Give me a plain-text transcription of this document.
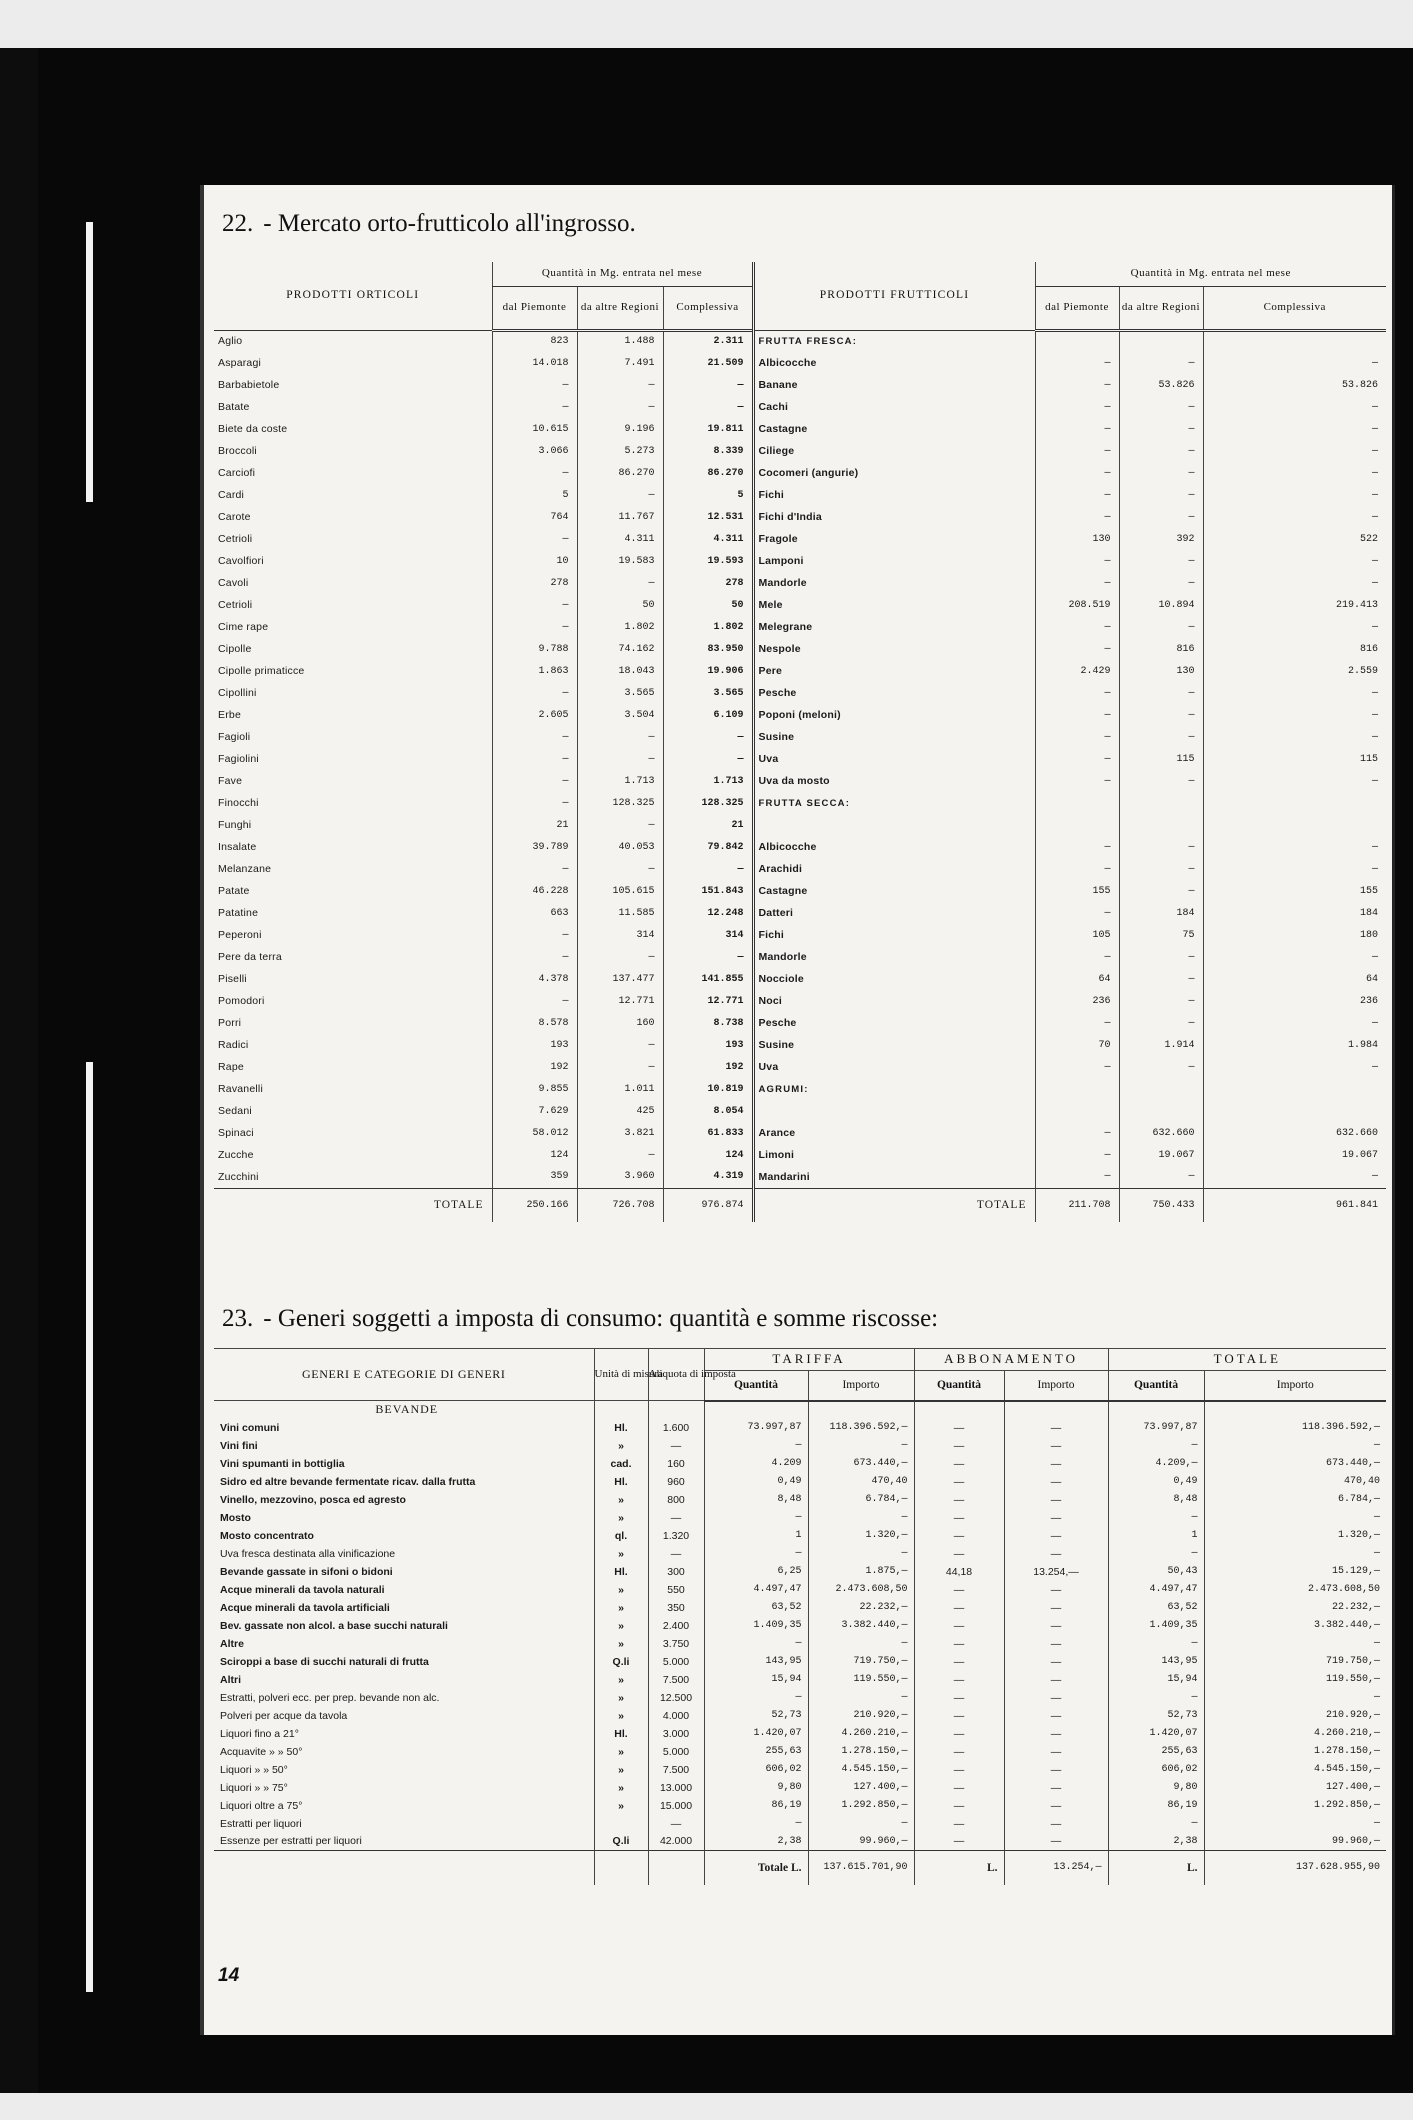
22. - Mercato orto-frutticolo all'ingrosso.
PRODOTTI ORTICOLI	Quantità in Mg. entrata nel mese			PRODOTTI FRUTTICOLI	Quantità in Mg. entrata nel mese		
	dal Piemonte	da altre Regioni	Complessiva		dal Piemonte	da altre Regioni	Complessiva
Aglio	823	1.488	2.311	FRUTTA FRESCA:			
Asparagi	14.018	7.491	21.509	Albicocche	—	—	—
Barbabietole	—	—	—	Banane	—	53.826	53.826
Batate	—	—	—	Cachi	—	—	—
Biete da coste	10.615	9.196	19.811	Castagne	—	—	—
Broccoli	3.066	5.273	8.339	Ciliege	—	—	—
Carciofi	—	86.270	86.270	Cocomeri (angurie)	—	—	—
Cardi	5	—	5	Fichi	—	—	—
Carote	764	11.767	12.531	Fichi d'India	—	—	—
Cetrioli	—	4.311	4.311	Fragole	130	392	522
Cavolfiori	10	19.583	19.593	Lamponi	—	—	—
Cavoli	278	—	278	Mandorle	—	—	—
Cetrioli	—	50	50	Mele	208.519	10.894	219.413
Cime rape	—	1.802	1.802	Melegrane	—	—	—
Cipolle	9.788	74.162	83.950	Nespole	—	816	816
Cipolle primaticce	1.863	18.043	19.906	Pere	2.429	130	2.559
Cipollini	—	3.565	3.565	Pesche	—	—	—
Erbe	2.605	3.504	6.109	Poponi (meloni)	—	—	—
Fagioli	—	—	—	Susine	—	—	—
Fagiolini	—	—	—	Uva	—	115	115
Fave	—	1.713	1.713	Uva da mosto	—	—	—
Finocchi	—	128.325	128.325	FRUTTA SECCA:			
Funghi	21	—	21				
Insalate	39.789	40.053	79.842	Albicocche	—	—	—
Melanzane	—	—	—	Arachidi	—	—	—
Patate	46.228	105.615	151.843	Castagne	155	—	155
Patatine	663	11.585	12.248	Datteri	—	184	184
Peperoni	—	314	314	Fichi	105	75	180
Pere da terra	—	—	—	Mandorle	—	—	—
Piselli	4.378	137.477	141.855	Nocciole	64	—	64
Pomodori	—	12.771	12.771	Noci	236	—	236
Porri	8.578	160	8.738	Pesche	—	—	—
Radici	193	—	193	Susine	70	1.914	1.984
Rape	192	—	192	Uva	—	—	—
Ravanelli	9.855	1.011	10.819	AGRUMI:			
Sedani	7.629	425	8.054				
Spinaci	58.012	3.821	61.833	Arance	—	632.660	632.660
Zucche	124	—	124	Limoni	—	19.067	19.067
Zucchini	359	3.960	4.319	Mandarini	—	—	—
TOTALE	250.166	726.708	976.874	TOTALE	211.708	750.433	961.841
23. - Generi soggetti a imposta di consumo: quantità e somme riscosse:
GENERI E CATEGORIE DI GENERI	Unità di misura	Aliquota di imposta	TARIFFA		ABBONAMENTO		TOTALE	
			Quantità	Importo	Quantità	Importo	Quantità	Importo
BEVANDE								
Vini comuni	Hl.	1.600	73.997,87	118.396.592,—	—	—	73.997,87	118.396.592,—
Vini fini	»	—	—	—	—	—	—	—
Vini spumanti in bottiglia	cad.	160	4.209	673.440,—	—	—	4.209,—	673.440,—
Sidro ed altre bevande fermentate ricav. dalla frutta	Hl.	960	0,49	470,40	—	—	0,49	470,40
Vinello, mezzovino, posca ed agresto	»	800	8,48	6.784,—	—	—	8,48	6.784,—
Mosto	»	—	—	—	—	—	—	—
Mosto concentrato	ql.	1.320	1	1.320,—	—	—	1	1.320,—
Uva fresca destinata alla vinificazione	»	—	—	—	—	—	—	—
Bevande gassate in sifoni o bidoni	Hl.	300	6,25	1.875,—	44,18	13.254,—	50,43	15.129,—
Acque minerali da tavola naturali	»	550	4.497,47	2.473.608,50	—	—	4.497,47	2.473.608,50
Acque minerali da tavola artificiali	»	350	63,52	22.232,—	—	—	63,52	22.232,—
Bev. gassate non alcol. a base succhi naturali	»	2.400	1.409,35	3.382.440,—	—	—	1.409,35	3.382.440,—
Altre	»	3.750	—	—	—	—	—	—
Sciroppi a base di succhi naturali di frutta	Q.li	5.000	143,95	719.750,—	—	—	143,95	719.750,—
Altri	»	7.500	15,94	119.550,—	—	—	15,94	119.550,—
Estratti, polveri ecc. per prep. bevande non alc.	»	12.500	—	—	—	—	—	—
Polveri per acque da tavola	»	4.000	52,73	210.920,—	—	—	52,73	210.920,—
Liquori fino a 21°	Hl.	3.000	1.420,07	4.260.210,—	—	—	1.420,07	4.260.210,—
Acquavite » » 50°	»	5.000	255,63	1.278.150,—	—	—	255,63	1.278.150,—
Liquori » » 50°	»	7.500	606,02	4.545.150,—	—	—	606,02	4.545.150,—
Liquori » » 75°	»	13.000	9,80	127.400,—	—	—	9,80	127.400,—
Liquori oltre a 75°	»	15.000	86,19	1.292.850,—	—	—	86,19	1.292.850,—
Estratti per liquori		—	—	—	—	—	—	—
Essenze per estratti per liquori	Q.li	42.000	2,38	99.960,—	—	—	2,38	99.960,—
			Totale L.	137.615.701,90	L.	13.254,—	L.	137.628.955,90
14
